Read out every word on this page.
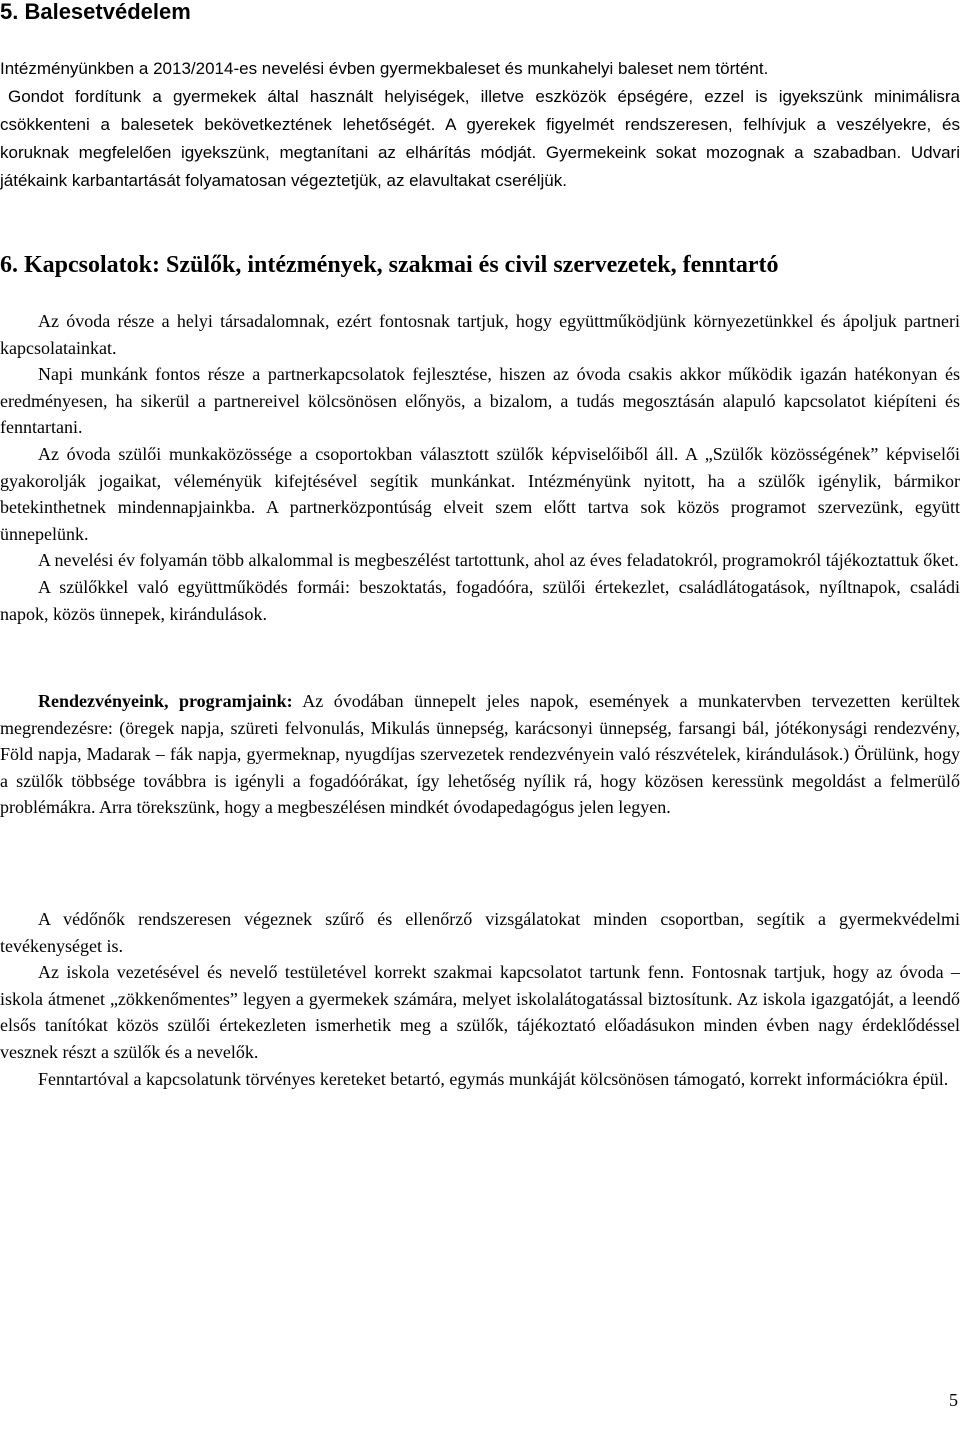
5. Balesetvédelem

Intézményünkben a 2013/2014-es nevelési évben gyermekbaleset és munkahelyi baleset nem történt.

Gondot fordítunk a gyermekek által használt helyiségek, illetve eszközök épségére, ezzel is igyekszünk minimálisra csökkenteni a balesetek bekövetkeztének lehetőségét. A gyerekek figyelmét rendszeresen, felhívjuk a veszélyekre, és koruknak megfelelően igyekszünk, megtanítani az elhárítás módját. Gyermekeink sokat mozognak a szabadban. Udvari játékaink karbantartását folyamatosan végeztetjük, az elavultakat cseréljük.

6. Kapcsolatok: Szülők, intézmények, szakmai és civil szervezetek, fenntartó

Az óvoda része a helyi társadalomnak, ezért fontosnak tartjuk, hogy együttműködjünk környezetünkkel és ápoljuk partneri kapcsolatainkat.

Napi munkánk fontos része a partnerkapcsolatok fejlesztése, hiszen az óvoda csakis akkor működik igazán hatékonyan és eredményesen, ha sikerül a partnereivel kölcsönösen előnyös, a bizalom, a tudás megosztásán alapuló kapcsolatot kiépíteni és fenntartani.

Az óvoda szülői munkaközössége a csoportokban választott szülők képviselőiből áll. A „Szülők közösségének” képviselői gyakorolják jogaikat, véleményük kifejtésével segítik munkánkat. Intézményünk nyitott, ha a szülők igénylik, bármikor betekinthetnek mindennapjainkba. A partnerközpontúság elveit szem előtt tartva sok közös programot szervezünk, együtt ünnepelünk.

A nevelési év folyamán több alkalommal is megbeszélést tartottunk, ahol az éves feladatokról, programokról tájékoztattuk őket.

A szülőkkel való együttműködés formái: beszoktatás, fogadóóra, szülői értekezlet, családlátogatások, nyíltnapok, családi napok, közös ünnepek, kirándulások.

Rendezvényeink, programjaink: Az óvodában ünnepelt jeles napok, események a munkatervben tervezetten kerültek megrendezésre: (öregek napja, szüreti felvonulás, Mikulás ünnepség, karácsonyi ünnepség, farsangi bál, jótékonysági rendezvény, Föld napja, Madarak – fák napja, gyermeknap, nyugdíjas szervezetek rendezvényein való részvételek, kirándulások.) Örülünk, hogy a szülők többsége továbbra is igényli a fogadóórákat, így lehetőség nyílik rá, hogy közösen keressünk megoldást a felmerülő problémákra. Arra törekszünk, hogy a megbeszélésen mindkét óvodapedagógus jelen legyen.

A védőnők rendszeresen végeznek szűrő és ellenőrző vizsgálatokat minden csoportban, segítik a gyermekvédelmi tevékenységet is.

Az iskola vezetésével és nevelő testületével korrekt szakmai kapcsolatot tartunk fenn. Fontosnak tartjuk, hogy az óvoda – iskola átmenet „zökkenőmentes” legyen a gyermekek számára, melyet iskolalátogatással biztosítunk. Az iskola igazgatóját, a leendő elsős tanítókat közös szülői értekezleten ismerhetik meg a szülők, tájékoztató előadásukon minden évben nagy érdeklődéssel vesznek részt a szülők és a nevelők.

Fenntartóval a kapcsolatunk törvényes kereteket betartó, egymás munkáját kölcsönösen támogató, korrekt információkra épül.

5
